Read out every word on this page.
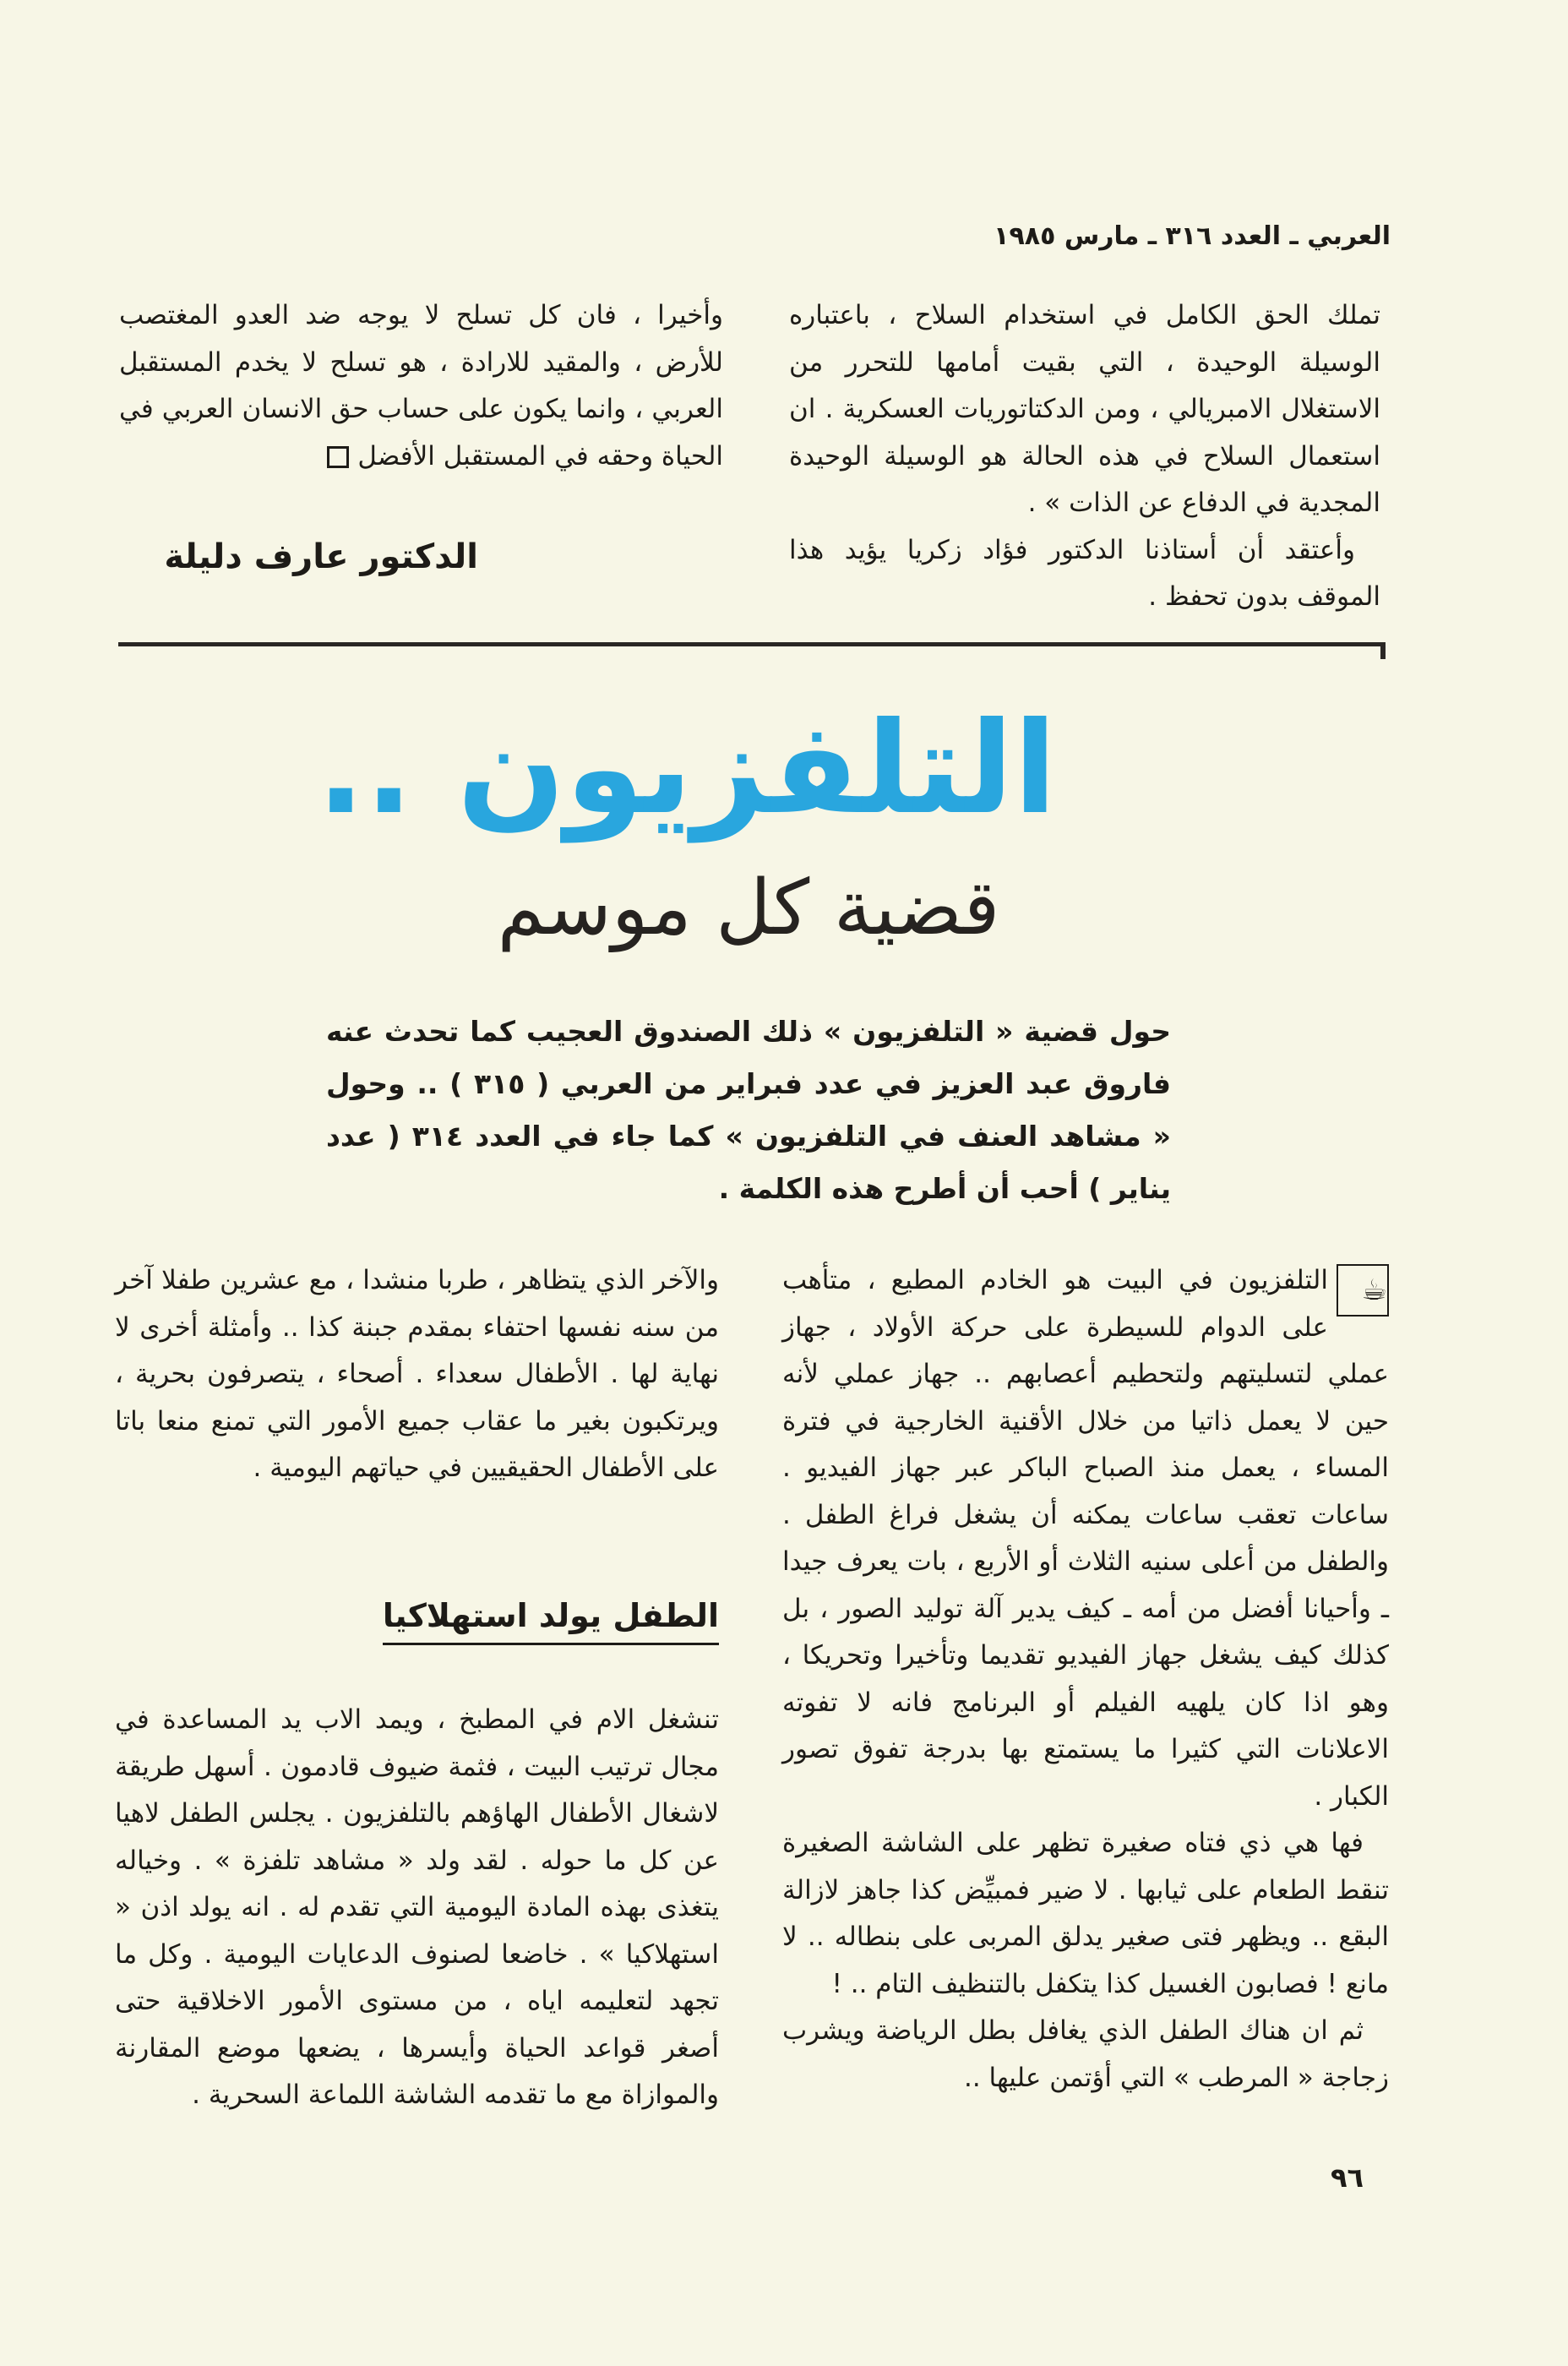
العربي ـ العدد ٣١٦ ـ مارس ١٩٨٥

تملك الحق الكامل في استخدام السلاح ، باعتباره الوسيلة الوحيدة ، التي بقيت أمامها للتحرر من الاستغلال الامبريالي ، ومن الدكتاتوريات العسكرية . ان استعمال السلاح في هذه الحالة هو الوسيلة الوحيدة المجدية في الدفاع عن الذات » .

وأعتقد أن أستاذنا الدكتور فؤاد زكريا يؤيد هذا الموقف بدون تحفظ .

وأخيرا ، فان كل تسلح لا يوجه ضد العدو المغتصب للأرض ، والمقيد للارادة ، هو تسلح لا يخدم المستقبل العربي ، وانما يكون على حساب حق الانسان العربي في الحياة وحقه في المستقبل الأفضل

الدكتور عارف دليلة
التلفزيون ..
قضية كل موسم

حول قضية « التلفزيون » ذلك الصندوق العجيب كما تحدث عنه فاروق عبد العزيز في عدد فبراير من العربي ( ٣١٥ ) .. وحول « مشاهد العنف في التلفزيون » كما جاء في العدد ٣١٤ ( عدد يناير ) أحب أن أطرح هذه الكلمة .

☕
التلفزيون في البيت هو الخادم المطيع ، متأهب على الدوام للسيطرة على حركة الأولاد ، جهاز عملي لتسليتهم ولتحطيم أعصابهم .. جهاز عملي لأنه حين لا يعمل ذاتيا من خلال الأقنية الخارجية في فترة المساء ، يعمل منذ الصباح الباكر عبر جهاز الفيديو . ساعات تعقب ساعات يمكنه أن يشغل فراغ الطفل . والطفل من أعلى سنيه الثلاث أو الأربع ، بات يعرف جيدا ـ وأحيانا أفضل من أمه ـ كيف يدير آلة توليد الصور ، بل كذلك كيف يشغل جهاز الفيديو تقديما وتأخيرا وتحريكا ، وهو اذا كان يلهيه الفيلم أو البرنامج فانه لا تفوته الاعلانات التي كثيرا ما يستمتع بها بدرجة تفوق تصور الكبار .

فها هي ذي فتاه صغيرة تظهر على الشاشة الصغيرة تنقط الطعام على ثيابها . لا ضير فمبيِّض كذا جاهز لازالة البقع .. ويظهر فتى صغير يدلق المربى على بنطاله .. لا مانع ! فصابون الغسيل كذا يتكفل بالتنظيف التام .. !

ثم ان هناك الطفل الذي يغافل بطل الرياضة ويشرب زجاجة « المرطب » التي أؤتمن عليها ..

والآخر الذي يتظاهر ، طربا منشدا ، مع عشرين طفلا آخر من سنه نفسها احتفاء بمقدم جبنة كذا .. وأمثلة أخرى لا نهاية لها . الأطفال سعداء . أصحاء ، يتصرفون بحرية ، ويرتكبون بغير ما عقاب جميع الأمور التي تمنع منعا باتا على الأطفال الحقيقيين في حياتهم اليومية .

الطفل يولد استهلاكيا

تنشغل الام في المطبخ ، ويمد الاب يد المساعدة في مجال ترتيب البيت ، فثمة ضيوف قادمون . أسهل طريقة لاشغال الأطفال الهاؤهم بالتلفزيون . يجلس الطفل لاهيا عن كل ما حوله . لقد ولد « مشاهد تلفزة » . وخياله يتغذى بهذه المادة اليومية التي تقدم له . انه يولد اذن « استهلاكيا » . خاضعا لصنوف الدعايات اليومية . وكل ما تجهد لتعليمه اياه ، من مستوى الأمور الاخلاقية حتى أصغر قواعد الحياة وأيسرها ، يضعها موضع المقارنة والموازاة مع ما تقدمه الشاشة اللماعة السحرية .

٩٦
